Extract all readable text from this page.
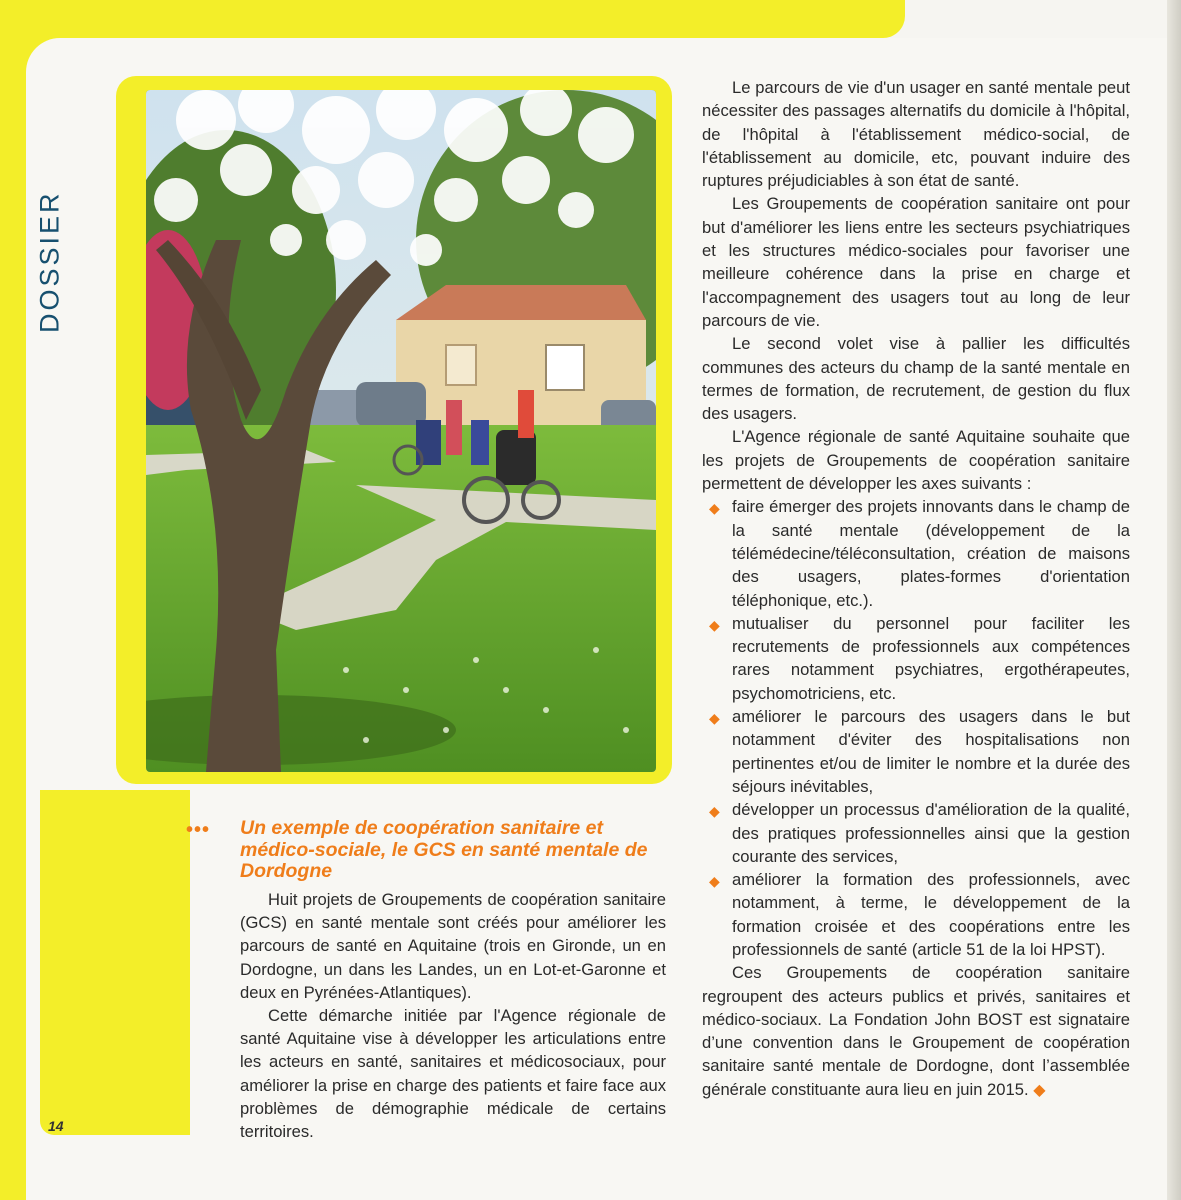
DOSSIER

Le parcours de vie d'un usager en santé mentale peut nécessiter des passages alternatifs du domicile à l'hôpital, de l'hôpital à l'établissement médico-social, de l'établissement au domicile, etc, pouvant induire des ruptures préjudiciables à son état de santé.

Les Groupements de coopération sanitaire ont pour but d'améliorer les liens entre les secteurs psychiatriques et les structures médico-sociales pour favoriser une meilleure cohérence dans la prise en charge et l'accompagnement des usagers tout au long de leur parcours de vie.

Le second volet vise à pallier les difficultés communes des acteurs du champ de la santé mentale en termes de formation, de recrutement, de gestion du flux des usagers.

L'Agence régionale de santé Aquitaine souhaite que les projets de Groupements de coopération sanitaire permettent de développer les axes suivants :

◆ faire émerger des projets innovants dans le champ de la santé mentale (développement de la télémédecine/téléconsultation, création de maisons des usagers, plates-formes d'orientation téléphonique, etc.).
◆ mutualiser du personnel pour faciliter les recrutements de professionnels aux compétences rares notamment psychiatres, ergothérapeutes, psychomotriciens, etc.
◆ améliorer le parcours des usagers dans le but notamment d'éviter des hospitalisations non pertinentes et/ou de limiter le nombre et la durée des séjours inévitables,
◆ développer un processus d'amélioration de la qualité, des pratiques professionnelles ainsi que la gestion courante des services,
◆ améliorer la formation des professionnels, avec notamment, à terme, le développement de la formation croisée et des coopérations entre les professionnels de santé (article 51 de la loi HPST).

Ces Groupements de coopération sanitaire regroupent des acteurs publics et privés, sanitaires et médico-sociaux. La Fondation John BOST est signataire d’une convention dans le Groupement de coopération sanitaire santé mentale de Dordogne, dont l’assemblée générale constituante aura lieu en juin 2015. ◆

••• Un exemple de coopération sanitaire et médico-sociale, le GCS en santé mentale de Dordogne

Huit projets de Groupements de coopération sanitaire (GCS) en santé mentale sont créés pour améliorer les parcours de santé en Aquitaine (trois en Gironde, un en Dordogne, un dans les Landes, un en Lot-et-Garonne et deux en Pyrénées-Atlantiques).

Cette démarche initiée par l'Agence régionale de santé Aquitaine vise à développer les articulations entre les acteurs en santé, sanitaires et médicosociaux, pour améliorer la prise en charge des patients et faire face aux problèmes de démographie médicale de certains territoires.

14
